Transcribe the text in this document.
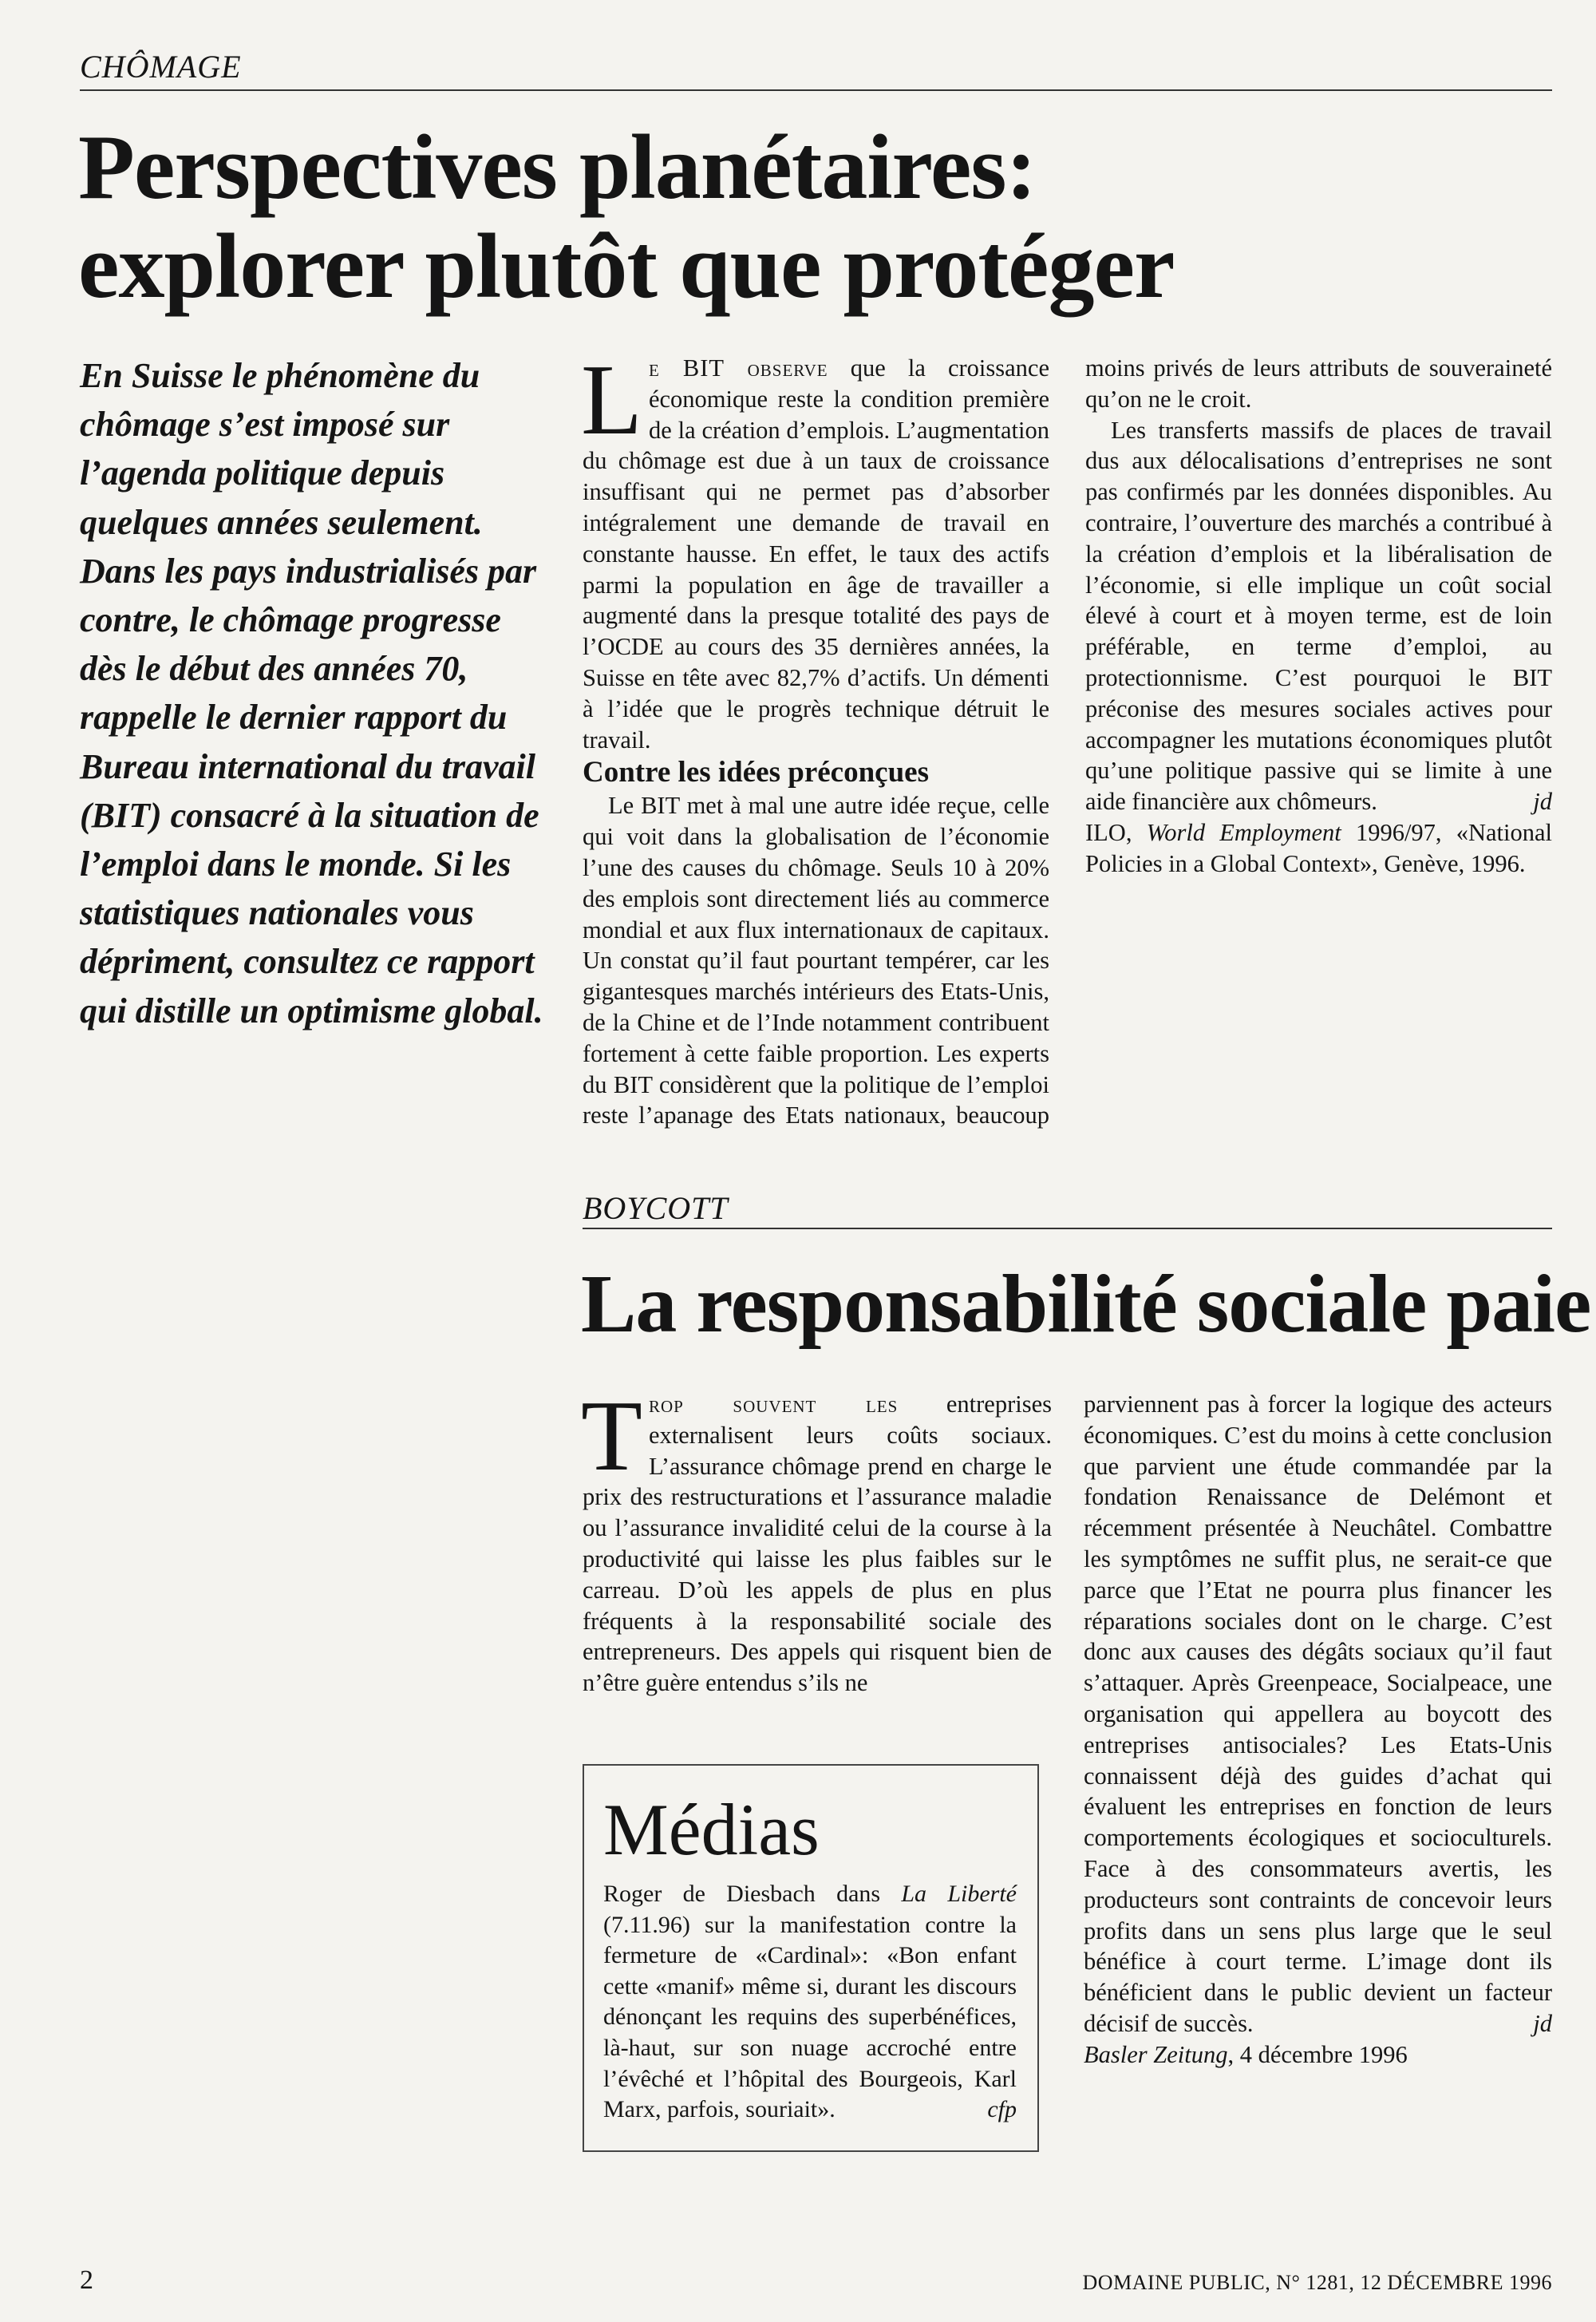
CHÔMAGE
Perspectives planétaires:
explorer plutôt que protéger

En Suisse le phénomène du chômage s’est imposé sur l’agenda politique depuis quelques années seulement. Dans les pays industrialisés par contre, le chômage progresse dès le début des années 70, rappelle le dernier rapport du Bureau international du travail (BIT) consacré à la situation de l’emploi dans le monde. Si les statistiques nationales vous dépriment, consultez ce rapport qui distille un optimisme global.

Le BIT observe que la croissance économique reste la condition première de la création d’emplois. L’augmentation du chômage est due à un taux de croissance insuffisant qui ne permet pas d’absorber intégralement une demande de travail en constante hausse. En effet, le taux des actifs parmi la population en âge de travailler a augmenté dans la presque totalité des pays de l’OCDE au cours des 35 dernières années, la Suisse en tête avec 82,7% d’actifs. Un démenti à l’idée que le progrès technique détruit le travail.

Contre les idées préconçues

Le BIT met à mal une autre idée reçue, celle qui voit dans la globalisation de l’économie l’une des causes du chômage. Seuls 10 à 20% des emplois sont directement liés au commerce mondial et aux flux internationaux de capitaux. Un constat qu’il faut pourtant tempérer, car les gigantesques marchés intérieurs des Etats-Unis, de la Chine et de l’Inde notamment contribuent fortement à cette faible proportion. Les experts du BIT considèrent que la politique de l’emploi reste l’apanage des Etats nationaux, beaucoup moins privés de leurs attributs de souveraineté qu’on ne le croit.

Les transferts massifs de places de travail dus aux délocalisations d’entreprises ne sont pas confirmés par les données disponibles. Au contraire, l’ouverture des marchés a contribué à la création d’emplois et la libéralisation de l’économie, si elle implique un coût social élevé à court et à moyen terme, est de loin préférable, en terme d’emploi, au protectionnisme. C’est pourquoi le BIT préconise des mesures sociales actives pour accompagner les mutations économiques plutôt qu’une politique passive qui se limite à une aide financière aux chômeurs.	jd

ILO, World Employment 1996/97, «National Policies in a Global Context», Genève, 1996.

BOYCOTT
La responsabilité sociale paie

Trop souvent les entreprises externalisent leurs coûts sociaux. L’assurance chômage prend en charge le prix des restructurations et l’assurance maladie ou l’assurance invalidité celui de la course à la productivité qui laisse les plus faibles sur le carreau. D’où les appels de plus en plus fréquents à la responsabilité sociale des entrepreneurs. Des appels qui risquent bien de n’être guère entendus s’ils ne

parviennent pas à forcer la logique des acteurs économiques. C’est du moins à cette conclusion que parvient une étude commandée par la fondation Renaissance de Delémont et récemment présentée à Neuchâtel. Combattre les symptômes ne suffit plus, ne serait-ce que parce que l’Etat ne pourra plus financer les réparations sociales dont on le charge. C’est donc aux causes des dégâts sociaux qu’il faut s’attaquer. Après Greenpeace, Socialpeace, une organisation qui appellera au boycott des entreprises antisociales? Les Etats-Unis connaissent déjà des guides d’achat qui évaluent les entreprises en fonction de leurs comportements écologiques et socioculturels. Face à des consommateurs avertis, les producteurs sont contraints de concevoir leurs profits dans un sens plus large que le seul bénéfice à court terme. L’image dont ils bénéficient dans le public devient un facteur décisif de succès.	jd

Basler Zeitung, 4 décembre 1996

Médias

Roger de Diesbach dans La Liberté (7.11.96) sur la manifestation contre la fermeture de «Cardinal»: «Bon enfant cette «manif» même si, durant les discours dénonçant les requins des superbénéfices, là-haut, sur son nuage accroché entre l’évêché et l’hôpital des Bourgeois, Karl Marx, parfois, souriait».	cfp

2	DOMAINE PUBLIC, N° 1281, 12 DÉCEMBRE 1996
